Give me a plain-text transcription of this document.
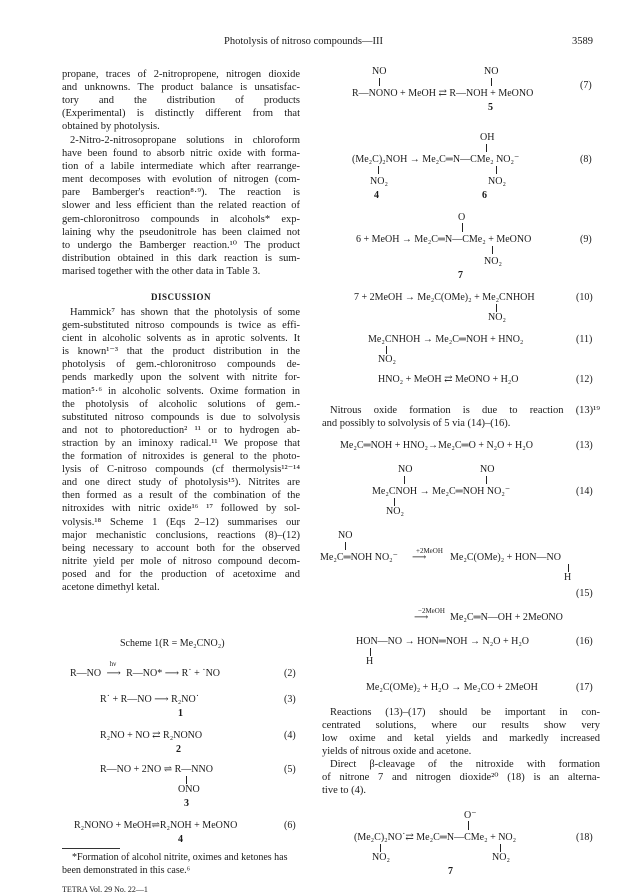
Photolysis of nitroso compounds—III	3589
propane, traces of 2-nitropropene, nitrogen dioxide
and unknowns. The product balance is unsatisfac-
tory and the distribution of products
(Experimental) is distinctly different from that
obtained by photolysis.
2-Nitro-2-nitrosopropane solutions in chloroform
have been found to absorb nitric oxide with forma-
tion of a labile intermediate which after rearrange-
ment decomposes with evolution of nitrogen (com-
pare Bamberger's reaction⁸·⁹). The reaction is
slower and less efficient than the related reaction of
gem-chloronitroso compounds in alcohols* exp-
laining why the pseudonitrole has been claimed not
to undergo the Bamberger reaction.¹⁰ The product
distribution obtained in this dark reaction is sum-
marised together with the other data in Table 3.
DISCUSSION
Hammick⁷ has shown that the photolysis of some
gem-substituted nitroso compounds is twice as effi-
cient in alcoholic solvents as in aprotic solvents. It
is known¹⁻³ that the product distribution in the
photolysis of gem.-chloronitroso compounds de-
pends markedly upon the solvent with nitrite for-
mation⁵·⁶ in alcoholic solvents. Oxime formation in
the photolysis of alcoholic solutions of gem.-
substituted nitroso compounds is due to solvolysis
and not to photoreduction² ¹¹ or to hydrogen ab-
straction by an iminoxy radical.¹¹ We propose that
the formation of nitroxides is general to the photo-
lysis of C-nitroso compounds (cf thermolysis¹²⁻¹⁴
and one direct study of photolysis¹⁵). Nitrites are
then formed as a result of the combination of the
nitroxides with nitric oxide¹⁶ ¹⁷ followed by sol-
volysis.¹⁸ Scheme 1 (Eqs 2–12) summarises our
major mechanistic conclusions, reactions (8)–(12)
being necessary to account both for the observed
nitrite yield per mole of nitroso compound decom-
posed and for the production of acetoxime and
acetone dimethyl ketal.
Scheme 1(R = Me₂CNO₂)
R—NO
hν
⟶ R—NO* ⟶ R˙ + ˙NO	(2)
R˙ + R—NO ⟶ R₂NO˙
1
(3)
R₂NO + NO ⇄ R₂NONO
2
(4)
R—NO + 2NO ⇌ R—NNO
ONO
3
(5)
R₂NONO + MeOH⇌R₂NOH + MeONO
4
(6)
*Formation of alcohol nitrite, oximes and ketones has
been demonstrated in this case.⁶
TETRA Vol. 29 No. 22—1
NO	NO
R—NONO + MeOH ⇄ R—NOH + MeONO
5
(7)
OH
(Me₂C)₂NOH → Me₂C═N—CMe₂ NO₂⁻
NO₂	NO₂
4	6
(8)
O
6 + MeOH → Me₂C═N—CMe₂ + MeONO
NO₂
7
(9)
7 + 2MeOH → Me₂C(OMe)₂ + Me₂CNHOH
NO₂
(10)
Me₂CNHOH → Me₂C═NOH + HNO₂
NO₂
(11)
HNO₂ + MeOH ⇄ MeONO + H₂O	(12)
Nitrous oxide formation is due to reaction (13)¹⁹
and possibly to solvolysis of 5 via (14)–(16).
Me₂C═NOH + HNO₂→Me₂C═O + N₂O + H₂O	(13)
NO	NO
Me₂CNOH → Me₂C═NOH NO₂⁻
NO₂
(14)
NO
Me₂C═NOH NO₂⁻
+2MeOH
⟶ Me₂C(OMe)₂ + HON—NO
H
(15)
−2MeOH
⟶ Me₂C═N—OH + 2MeONO
HON—NO → HON═NOH → N₂O + H₂O
H
(16)
Me₂C(OMe)₂ + H₂O → Me₂CO + 2MeOH	(17)
Reactions (13)–(17) should be important in con-
centrated solutions, where our results show very
low oxime and ketal yields and markedly increased
yields of nitrous oxide and acetone.
Direct β-cleavage of the nitroxide with formation
of nitrone 7 and nitrogen dioxide²⁰ (18) is an alterna-
tive to (4).
O⁻
(Me₂C)₂NO˙⇄ Me₂C═N—CMe₂ + NO₂
NO₂	NO₂
7
(18)
